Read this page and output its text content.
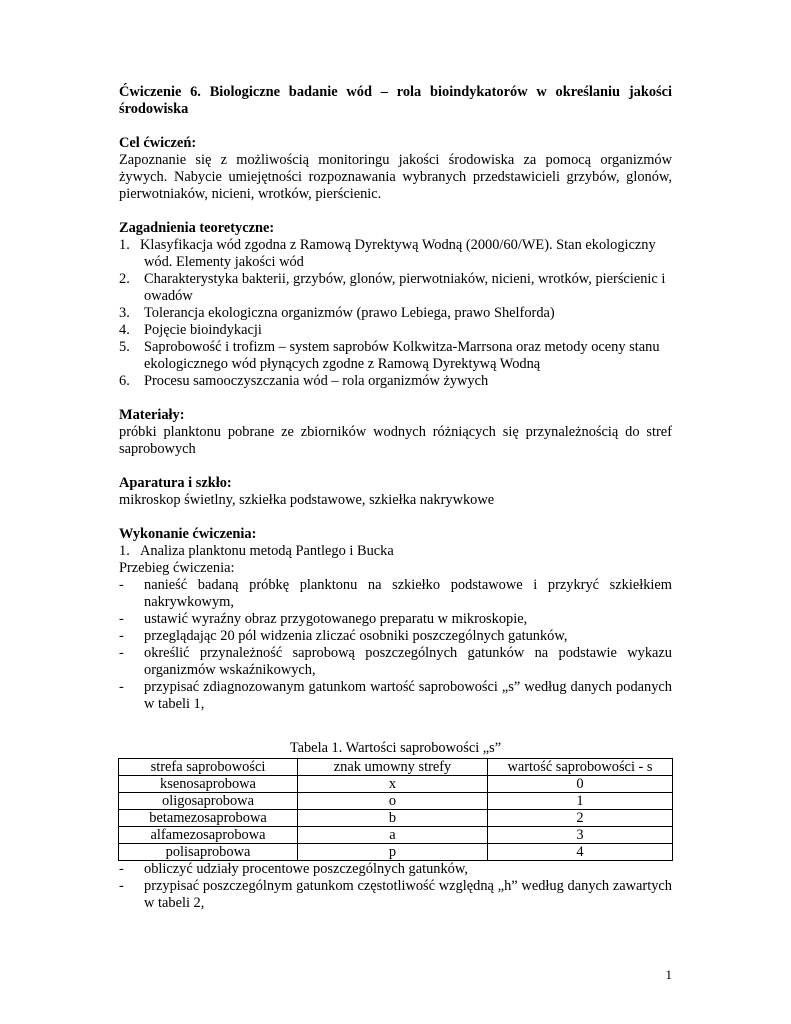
Ćwiczenie 6. Biologiczne badanie wód – rola bioindykatorów w określaniu jakości środowiska

Cel ćwiczeń:

Zapoznanie się z możliwością monitoringu jakości środowiska za pomocą organizmów żywych. Nabycie umiejętności rozpoznawania wybranych przedstawicieli grzybów, glonów, pierwotniaków, nicieni, wrotków, pierścienic.

Zagadnienia teoretyczne:

1. Klasyfikacja wód zgodna z Ramową Dyrektywą Wodną (2000/60/WE). Stan ekologiczny wód. Elementy jakości wód
2. Charakterystyka bakterii, grzybów, glonów, pierwotniaków, nicieni, wrotków, pierścienic i owadów
3. Tolerancja ekologiczna organizmów (prawo Lebiega, prawo Shelforda)
4. Pojęcie bioindykacji
5. Saprobowość i trofizm – system saprobów Kolkwitza-Marrsona oraz metody oceny stanu ekologicznego wód płynących zgodne z Ramową Dyrektywą Wodną
6. Procesu samooczyszczania wód – rola organizmów żywych

Materiały:

próbki planktonu pobrane ze zbiorników wodnych różniących się przynależnością do stref saprobowych

Aparatura i szkło:

mikroskop świetlny, szkiełka podstawowe, szkiełka nakrywkowe

Wykonanie ćwiczenia:

1. Analiza planktonu metodą Pantlego i Bucka

Przebieg ćwiczenia:

- nanieść badaną próbkę planktonu na szkiełko podstawowe i przykryć szkiełkiem nakrywkowym,
- ustawić wyraźny obraz przygotowanego preparatu w mikroskopie,
- przeglądając 20 pól widzenia zliczać osobniki poszczególnych gatunków,
- określić przynależność saprobową poszczególnych gatunków na podstawie wykazu organizmów wskaźnikowych,
- przypisać zdiagnozowanym gatunkom wartość saprobowości „s” według danych podanych w tabeli 1,

Tabela 1. Wartości saprobowości „s”

strefa saprobowości	znak umowny strefy	wartość saprobowości - s
ksenosaprobowa	x	0
oligosaprobowa	o	1
betamezosaprobowa	b	2
alfamezosaprobowa	a	3
polisaprobowa	p	4
- obliczyć udziały procentowe poszczególnych gatunków,
- przypisać poszczególnym gatunkom częstotliwość względną „h” według danych zawartych w tabeli 2,
1
